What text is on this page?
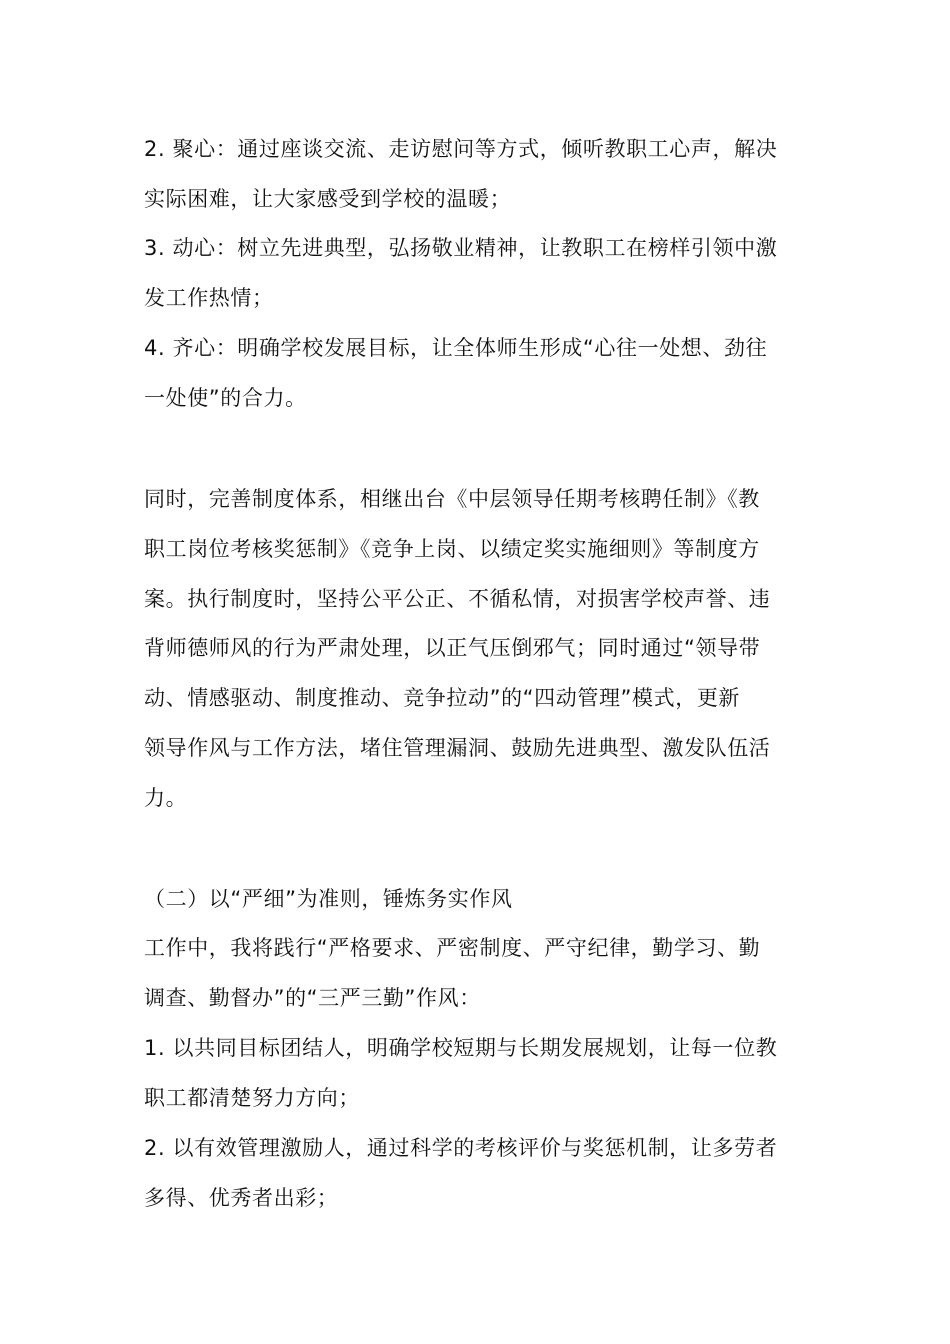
2. 聚心：通过座谈交流、走访慰问等方式，倾听教职工心声，解决
实际困难，让大家感受到学校的温暖；
3. 动心：树立先进典型，弘扬敬业精神，让教职工在榜样引领中激
发工作热情；
4. 齐心：明确学校发展目标，让全体师生形成“心往一处想、劲往
一处使”的合力。
同时，完善制度体系，相继出台《中层领导任期考核聘任制》《教
职工岗位考核奖惩制》《竞争上岗、以绩定奖实施细则》等制度方
案。执行制度时，坚持公平公正、不循私情，对损害学校声誉、违
背师德师风的行为严肃处理，以正气压倒邪气；同时通过“领导带
动、情感驱动、制度推动、竞争拉动”的“四动管理”模式，更新
领导作风与工作方法，堵住管理漏洞、鼓励先进典型、激发队伍活
力。
（二）以“严细”为准则，锤炼务实作风
工作中，我将践行“严格要求、严密制度、严守纪律，勤学习、勤
调查、勤督办”的“三严三勤”作风：
1. 以共同目标团结人，明确学校短期与长期发展规划，让每一位教
职工都清楚努力方向；
2. 以有效管理激励人，通过科学的考核评价与奖惩机制，让多劳者
多得、优秀者出彩；
